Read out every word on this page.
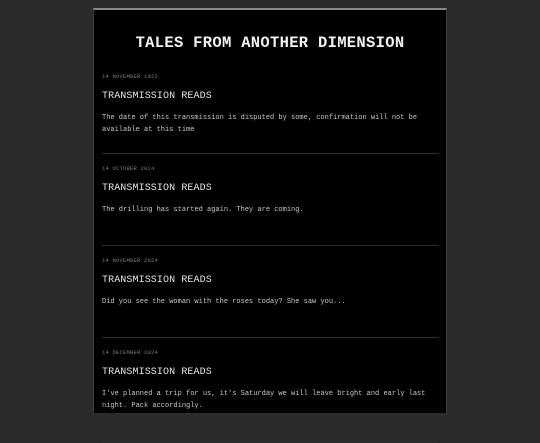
TALES FROM ANOTHER DIMENSION
14 NOVEMBER 1922
TRANSMISSION READS
The date of this transmission is disputed by some, confirmation will not be available at this time
14 OCTOBER 2024
TRANSMISSION READS
The drilling has started again. They are coming.
14 NOVEMBER 2024
TRANSMISSION READS
Did you see the woman with the roses today? She saw you...
14 DECEMBER 2024
TRANSMISSION READS
I've planned a trip for us, it's Saturday we will leave bright and early last night. Pack accordingly.
